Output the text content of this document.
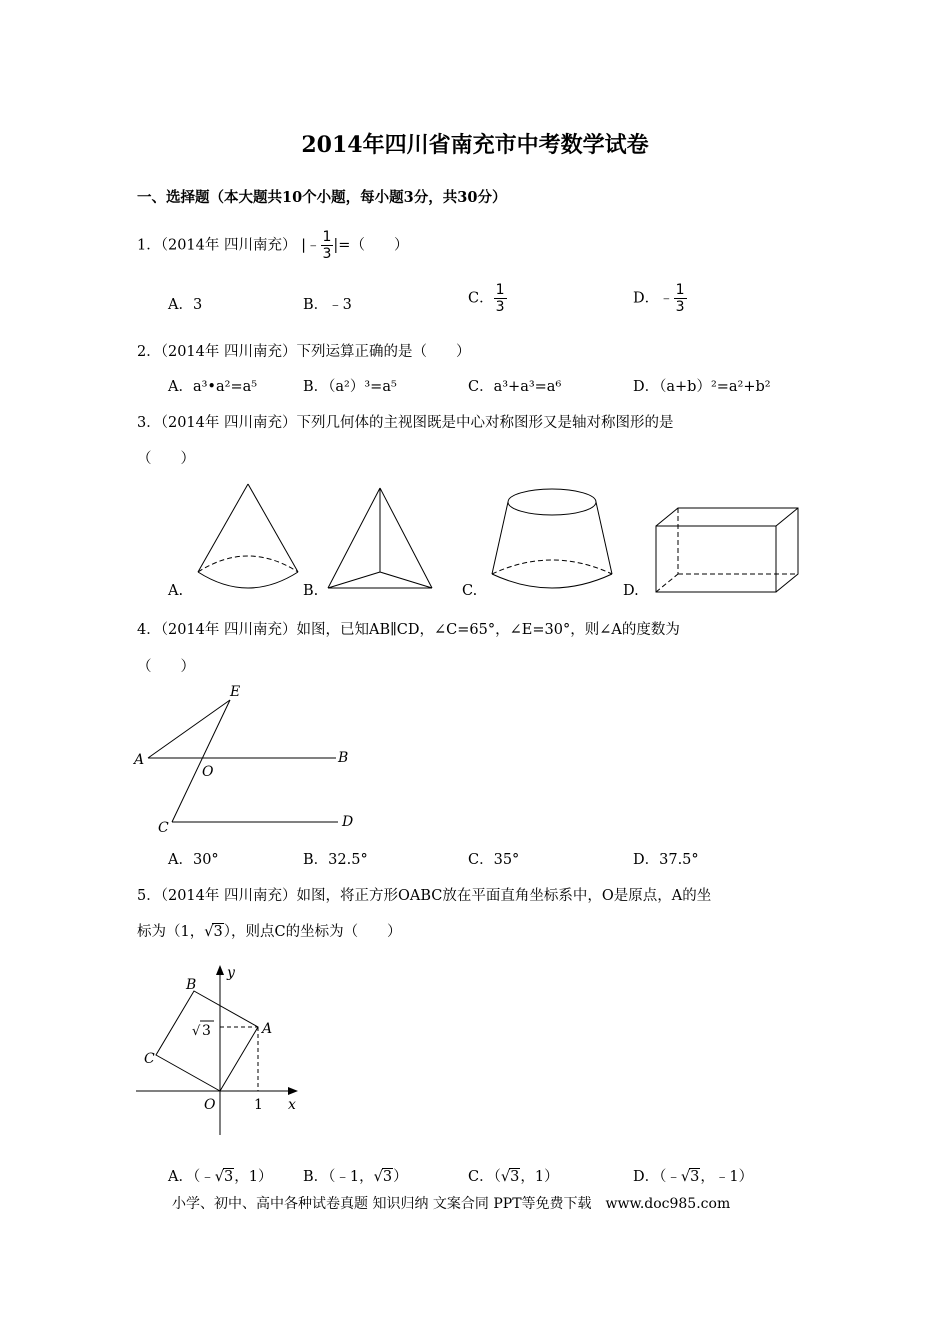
2014年四川省南充市中考数学试卷
一、选择题（本大题共10个小题，每小题3分，共30分）
1．（2014年 四川南充） |﹣ $\frac{1}{3}$ |=（　　）
A．3	B．﹣3	C． $\frac{1}{3}$	D．﹣ $\frac{1}{3}$
2．（2014年 四川南充）下列运算正确的是（　　）
A．a³•a²=a⁵	B．（a²）³=a⁵	C．a³+a³=a⁶	D．（a+b）²=a²+b²
3．（2014年 四川南充）下列几何体的主视图既是中心对称图形又是轴对称图形的是
（　　）
A.	B.	C.	D.
4．（2014年 四川南充）如图，已知AB∥CD，∠C=65°，∠E=30°，则∠A的度数为
（　　）
E
A
O
B
C	D
A．30°	B．32.5°	C．35°	D．37.5°
5．（2014年 四川南充）如图，将正方形OABC放在平面直角坐标系中，O是原点，A的坐
标为（1，√3），则点C的坐标为（　　）
y
B
A
C
O	1 x
√ 3
A．（﹣√3，1） B．（﹣1，√3）	C．（√3，1）	D．（﹣√3，﹣1）
小学、初中、高中各种试卷真题 知识归纳 文案合同 PPT等免费下载　www.doc985.com
